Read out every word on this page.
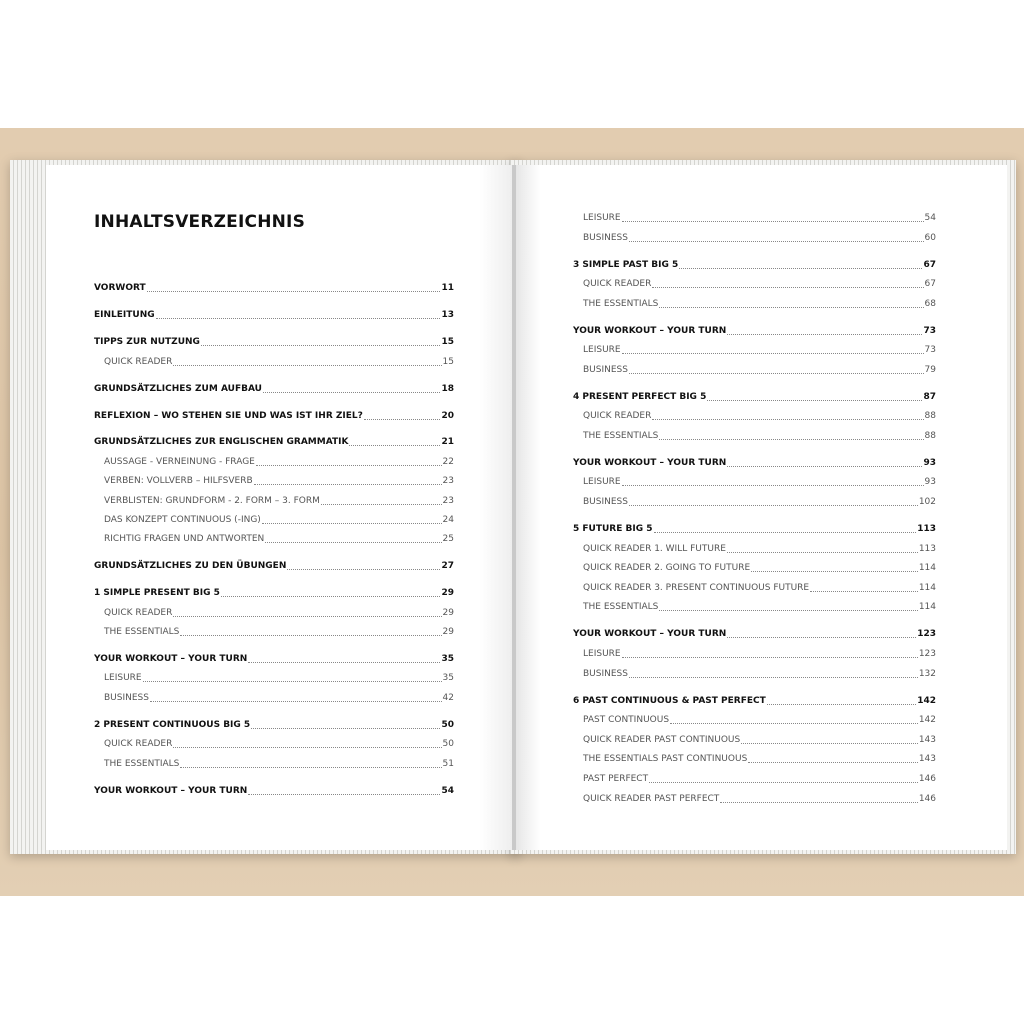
INHALTSVERZEICHNIS
VORWORT	11
EINLEITUNG	13
TIPPS ZUR NUTZUNG	15
QUICK READER	15
GRUNDSÄTZLICHES ZUM AUFBAU	18
REFLEXION – WO STEHEN SIE UND WAS IST IHR ZIEL?	20
GRUNDSÄTZLICHES ZUR ENGLISCHEN GRAMMATIK	21
AUSSAGE - VERNEINUNG - FRAGE	22
VERBEN: VOLLVERB – HILFSVERB	23
VERBLISTEN: GRUNDFORM - 2. FORM – 3. FORM	23
DAS KONZEPT CONTINUOUS (-ING)	24
RICHTIG FRAGEN UND ANTWORTEN	25
GRUNDSÄTZLICHES ZU DEN ÜBUNGEN	27
1 SIMPLE PRESENT BIG 5	29
QUICK READER	29
THE ESSENTIALS	29
YOUR WORKOUT – YOUR TURN	35
LEISURE	35
BUSINESS	42
2 PRESENT CONTINUOUS BIG 5	50
QUICK READER	50
THE ESSENTIALS	51
YOUR WORKOUT – YOUR TURN	54
LEISURE	54
BUSINESS	60
3 SIMPLE PAST BIG 5	67
QUICK READER	67
THE ESSENTIALS	68
YOUR WORKOUT – YOUR TURN	73
LEISURE	73
BUSINESS	79
4 PRESENT PERFECT BIG 5	87
QUICK READER	88
THE ESSENTIALS	88
YOUR WORKOUT – YOUR TURN	93
LEISURE	93
BUSINESS	102
5 FUTURE BIG 5	113
QUICK READER 1. WILL FUTURE	113
QUICK READER 2. GOING TO FUTURE	114
QUICK READER 3. PRESENT CONTINUOUS FUTURE	114
THE ESSENTIALS	114
YOUR WORKOUT – YOUR TURN	123
LEISURE	123
BUSINESS	132
6 PAST CONTINUOUS & PAST PERFECT	142
PAST CONTINUOUS	142
QUICK READER PAST CONTINUOUS	143
THE ESSENTIALS PAST CONTINUOUS	143
PAST PERFECT	146
QUICK READER PAST PERFECT	146
